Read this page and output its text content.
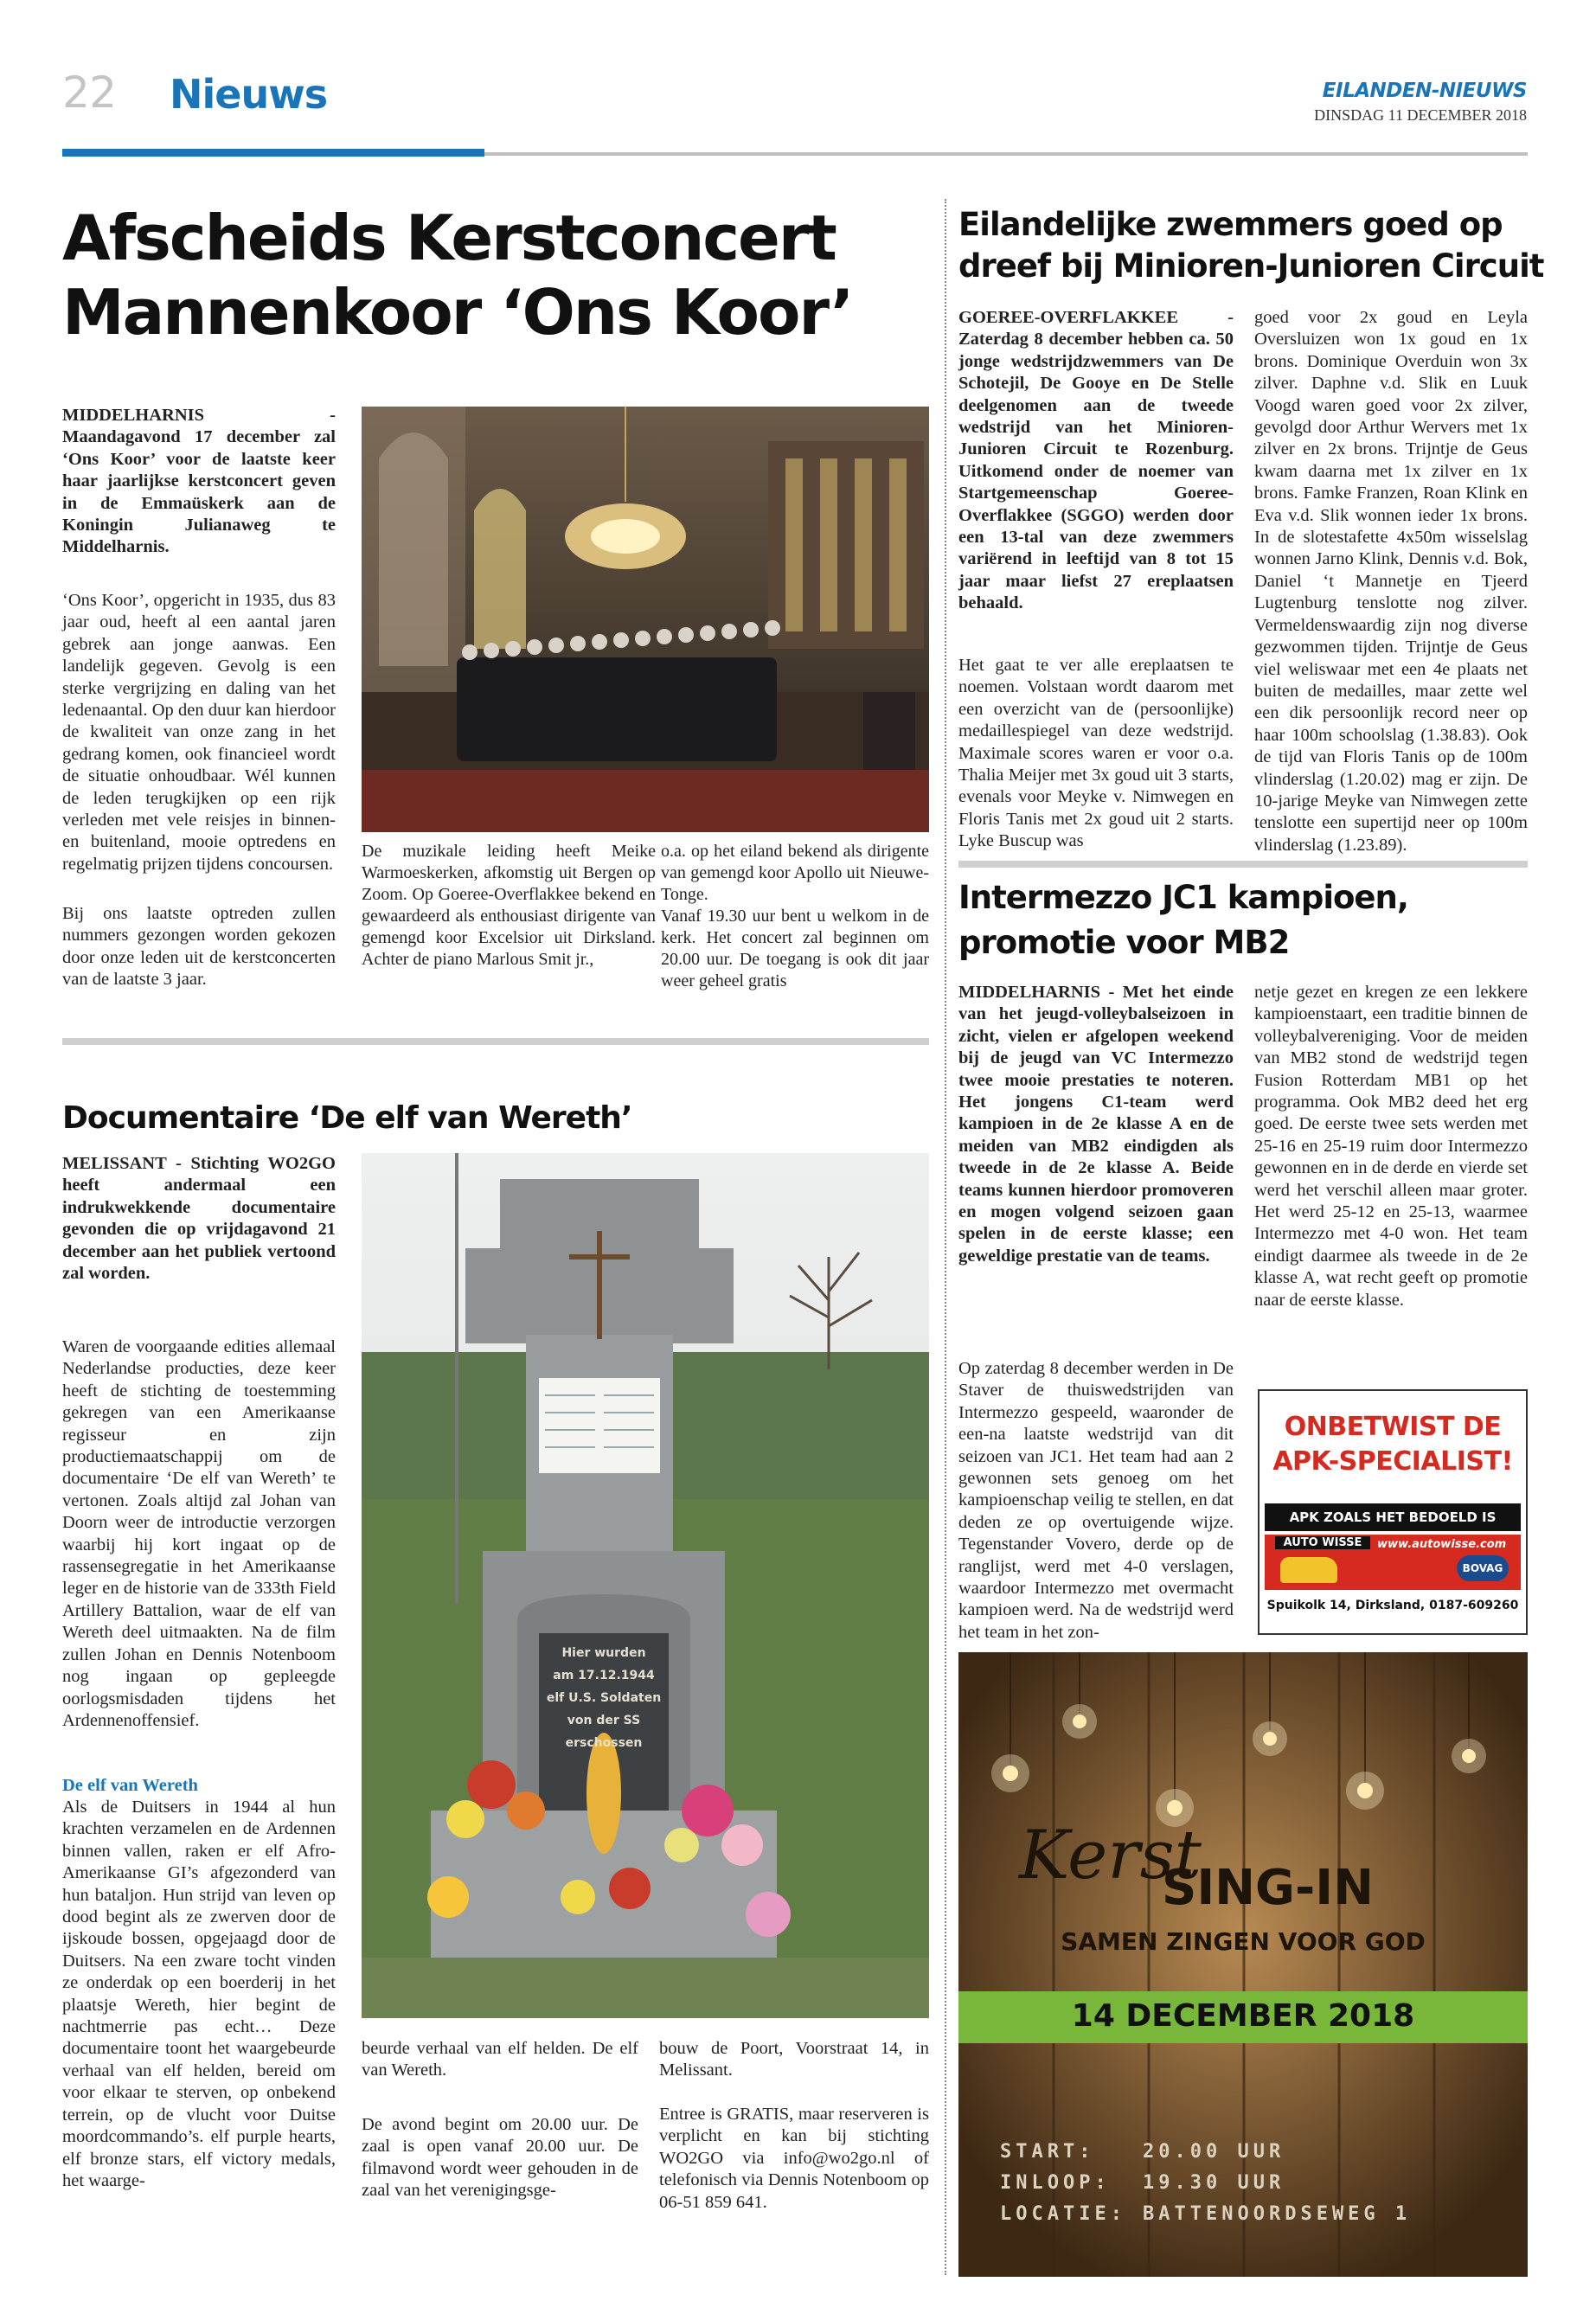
22 Nieuws	EILANDEN-NIEUWS
DINSDAG 11 DECEMBER 2018
Afscheids Kerstconcert
Mannenkoor ‘Ons Koor’

MIDDELHARNIS - Maandagavond 17 december zal ‘Ons Koor’ voor de laatste keer haar jaarlijkse kerstconcert geven in de Emmaüskerk aan de Koningin Julianaweg te Middelharnis.

‘Ons Koor’, opgericht in 1935, dus 83 jaar oud, heeft al een aantal jaren gebrek aan jonge aanwas. Een landelijk gegeven. Gevolg is een sterke vergrijzing en daling van het ledenaantal. Op den duur kan hierdoor de kwaliteit van onze zang in het gedrang komen, ook financieel wordt de situatie onhoudbaar. Wél kunnen de leden terugkijken op een rijk verleden met vele reisjes in binnen- en buitenland, mooie optredens en regelmatig prijzen tijdens concoursen.

Bij ons laatste optreden zullen nummers gezongen worden gekozen door onze leden uit de kerstconcerten van de laatste 3 jaar.

De muzikale leiding heeft Meike Warmoeskerken, afkomstig uit Bergen op Zoom. Op Goeree-Overflakkee bekend en gewaardeerd als enthousiast dirigente van gemengd koor Excelsior uit Dirksland. Achter de piano Marlous Smit jr.,

o.a. op het eiland bekend als dirigente van gemengd koor Apollo uit Nieuwe-Tonge.

Vanaf 19.30 uur bent u welkom in de kerk. Het concert zal beginnen om 20.00 uur. De toegang is ook dit jaar weer geheel gratis

Documentaire ‘De elf van Wereth’

MELISSANT - Stichting WO2GO heeft andermaal een indrukwekkende documentaire gevonden die op vrijdagavond 21 december aan het publiek vertoond zal worden.

Waren de voorgaande edities allemaal Nederlandse producties, deze keer heeft de stichting de toestemming gekregen van een Amerikaanse regisseur en zijn productiemaatschappij om de documentaire ‘De elf van Wereth’ te vertonen. Zoals altijd zal Johan van Doorn weer de introductie verzorgen waarbij hij kort ingaat op de rassensegregatie in het Amerikaanse leger en de historie van de 333th Field Artillery Battalion, waar de elf van Wereth deel uitmaakten. Na de film zullen Johan en Dennis Notenboom nog ingaan op gepleegde oorlogsmisdaden tijdens het Ardennenoffensief.

De elf van Wereth

Als de Duitsers in 1944 al hun krachten verzamelen en de Ardennen binnen vallen, raken er elf Afro-Amerikaanse GI’s afgezonderd van hun bataljon. Hun strijd van leven op dood begint als ze zwerven door de ijskoude bossen, opgejaagd door de Duitsers. Na een zware tocht vinden ze onderdak op een boerderij in het plaatsje Wereth, hier begint de nachtmerrie pas echt… Deze documentaire toont het waargebeurde verhaal van elf helden, bereid om voor elkaar te sterven, op onbekend terrein, op de vlucht voor Duitse moordcommando’s. elf purple hearts, elf bronze stars, elf victory medals, het waarge-

Hier wurden
am 17.12.1944
elf U.S. Soldaten
von der SS
erschossen

beurde verhaal van elf helden. De elf van Wereth.

De avond begint om 20.00 uur. De zaal is open vanaf 20.00 uur. De filmavond wordt weer gehouden in de zaal van het verenigingsge-

bouw de Poort, Voorstraat 14, in Melissant.

Entree is GRATIS, maar reserveren is verplicht en kan bij stichting WO2GO via info@wo2go.nl of telefonisch via Dennis Notenboom op 06-51 859 641.

Eilandelijke zwemmers goed op
dreef bij Minioren-Junioren Circuit

GOEREE-OVERFLAKKEE - Zaterdag 8 december hebben ca. 50 jonge wedstrijdzwemmers van De Schotejil, De Gooye en De Stelle deelgenomen aan de tweede wedstrijd van het Minioren-Junioren Circuit te Rozenburg. Uitkomend onder de noemer van Startgemeenschap Goeree-Overflakkee (SGGO) werden door een 13-tal van deze zwemmers variërend in leeftijd van 8 tot 15 jaar maar liefst 27 ereplaatsen behaald.

Het gaat te ver alle ereplaatsen te noemen. Volstaan wordt daarom met een overzicht van de (persoonlijke) medaillespiegel van deze wedstrijd. Maximale scores waren er voor o.a. Thalia Meijer met 3x goud uit 3 starts, evenals voor Meyke v. Nimwegen en Floris Tanis met 2x goud uit 2 starts. Lyke Buscup was

goed voor 2x goud en Leyla Oversluizen won 1x goud en 1x brons. Dominique Overduin won 3x zilver. Daphne v.d. Slik en Luuk Voogd waren goed voor 2x zilver, gevolgd door Arthur Wervers met 1x zilver en 2x brons. Trijntje de Geus kwam daarna met 1x zilver en 1x brons. Famke Franzen, Roan Klink en Eva v.d. Slik wonnen ieder 1x brons. In de slotestafette 4x50m wisselslag wonnen Jarno Klink, Dennis v.d. Bok, Daniel ‘t Mannetje en Tjeerd Lugtenburg tenslotte nog zilver. Vermeldenswaardig zijn nog diverse gezwommen tijden. Trijntje de Geus viel weliswaar met een 4e plaats net buiten de medailles, maar zette wel een dik persoonlijk record neer op haar 100m schoolslag (1.38.83). Ook de tijd van Floris Tanis op de 100m vlinderslag (1.20.02) mag er zijn. De 10-jarige Meyke van Nimwegen zette tenslotte een supertijd neer op 100m vlinderslag (1.23.89).

Intermezzo JC1 kampioen,
promotie voor MB2

MIDDELHARNIS - Met het einde van het jeugd-volleybalseizoen in zicht, vielen er afgelopen weekend bij de jeugd van VC Intermezzo twee mooie prestaties te noteren. Het jongens C1-team werd kampioen in de 2e klasse A en de meiden van MB2 eindigden als tweede in de 2e klasse A. Beide teams kunnen hierdoor promoveren en mogen volgend seizoen gaan spelen in de eerste klasse; een geweldige prestatie van de teams.

Op zaterdag 8 december werden in De Staver de thuiswedstrijden van Intermezzo gespeeld, waaronder de een-na laatste wedstrijd van dit seizoen van JC1. Het team had aan 2 gewonnen sets genoeg om het kampioenschap veilig te stellen, en dat deden ze op overtuigende wijze. Tegenstander Vovero, derde op de ranglijst, werd met 4-0 verslagen, waardoor Intermezzo met overmacht kampioen werd. Na de wedstrijd werd het team in het zon-

netje gezet en kregen ze een lekkere kampioenstaart, een traditie binnen de volleybalvereniging. Voor de meiden van MB2 stond de wedstrijd tegen Fusion Rotterdam MB1 op het programma. Ook MB2 deed het erg goed. De eerste twee sets werden met 25-16 en 25-19 ruim door Intermezzo gewonnen en in de derde en vierde set werd het verschil alleen maar groter. Het werd 25-12 en 25-13, waarmee Intermezzo met 4-0 won. Het team eindigt daarmee als tweede in de 2e klasse A, wat recht geeft op promotie naar de eerste klasse.

ONBETWIST DE
APK-SPECIALIST!
APK ZOALS HET BEDOELD IS
AUTO WISSE	www.autowisse.com
BOVAG
Spuikolk 14, Dirksland, 0187-609260
Kerst
SING-IN
SAMEN ZINGEN VOOR GOD
14 DECEMBER 2018
START:	20.00 UUR
INLOOP: 19.30 UUR
LOCATIE: BATTENOORDSEWEG 1
